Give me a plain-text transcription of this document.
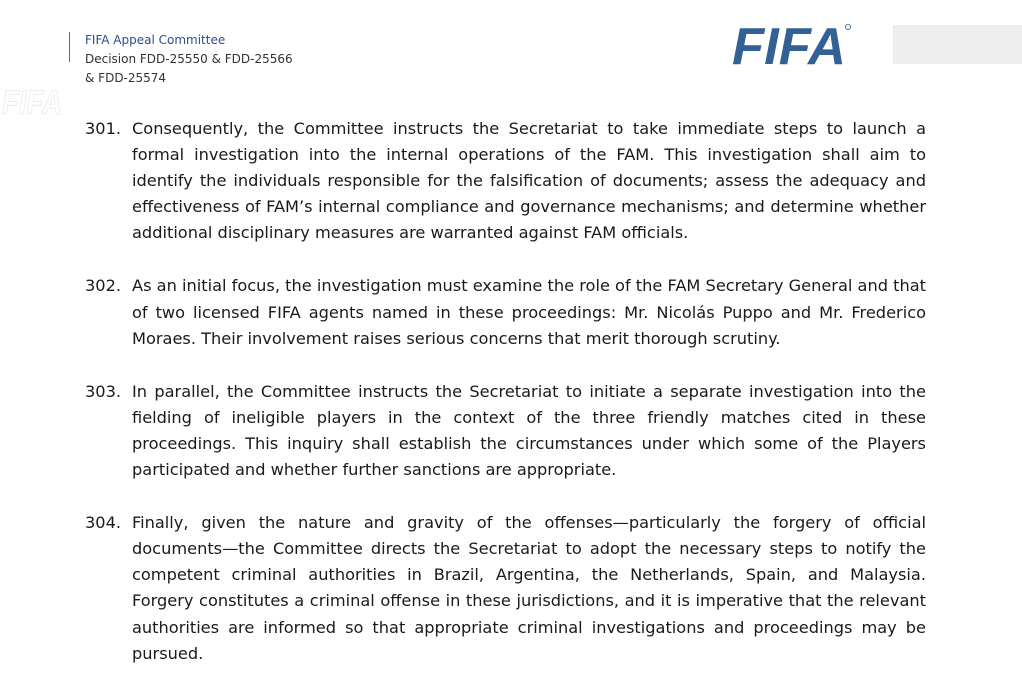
FIFA Appeal Committee
Decision FDD-25550 & FDD-25566
& FDD-25574
FIFA
FIFA
301. Consequently, the Committee instructs the Secretariat to take immediate steps to launch a formal investigation into the internal operations of the FAM. This investigation shall aim to identify the individuals responsible for the falsification of documents; assess the adequacy and effectiveness of FAM’s internal compliance and governance mechanisms; and determine whether additional disciplinary measures are warranted against FAM officials.
302. As an initial focus, the investigation must examine the role of the FAM Secretary General and that of two licensed FIFA agents named in these proceedings: Mr. Nicolás Puppo and Mr. Frederico Moraes. Their involvement raises serious concerns that merit thorough scrutiny.
303. In parallel, the Committee instructs the Secretariat to initiate a separate investigation into the fielding of ineligible players in the context of the three friendly matches cited in these proceedings. This inquiry shall establish the circumstances under which some of the Players participated and whether further sanctions are appropriate.
304. Finally, given the nature and gravity of the offenses—particularly the forgery of official documents—the Committee directs the Secretariat to adopt the necessary steps to notify the competent criminal authorities in Brazil, Argentina, the Netherlands, Spain, and Malaysia. Forgery constitutes a criminal offense in these jurisdictions, and it is imperative that the relevant authorities are informed so that appropriate criminal investigations and proceedings may be pursued.
